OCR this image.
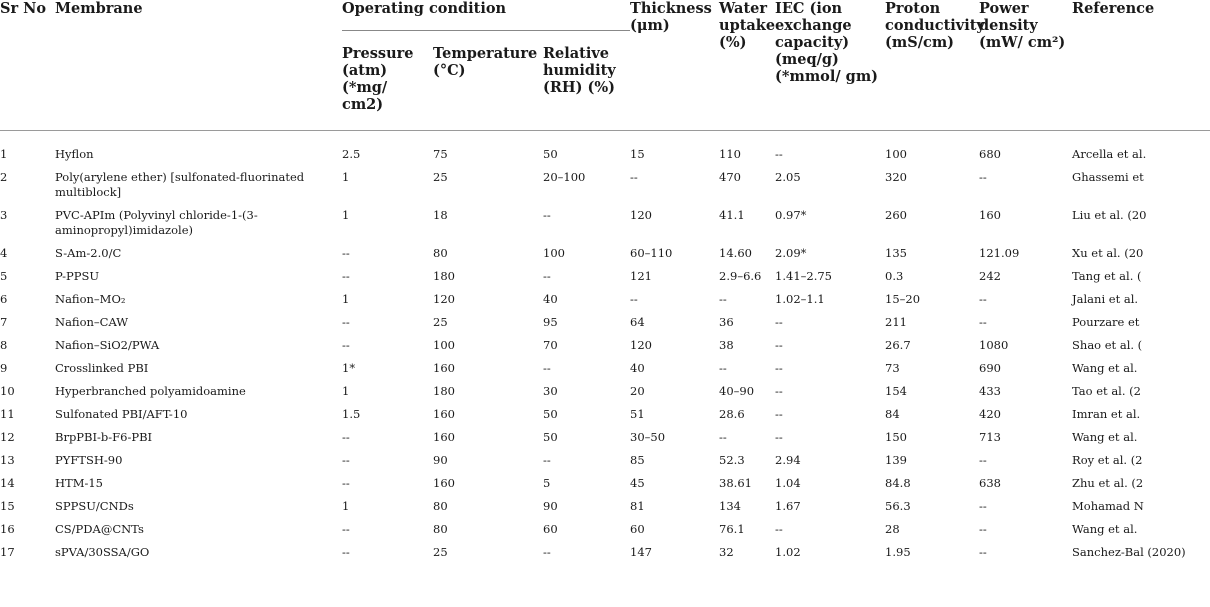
Sr No	Membrane	Operating condition			Thickness (μm)	Water uptake (%)	IEC (ion exchange capacity) (meq/g) (*mmol/ gm)	Proton conductivity (mS/cm)	Power density (mW/ cm²)	Reference
		Pressure (atm) (*mg/ cm2)	Temperature (°C)	Relative humidity (RH) (%)						
1	Hyflon	2.5	75	50	15	110	--	100	680	Arcella et al.
2	Poly(arylene ether) [sulfonated-fluorinated multiblock]	1	25	20–100	--	470	2.05	320	--	Ghassemi et
3	PVC-APIm (Polyvinyl chloride-1-(3-aminopropyl)imidazole)	1	18	--	120	41.1	0.97*	260	160	Liu et al. (20
4	S-Am-2.0/C	--	80	100	60–110	14.60	2.09*	135	121.09	Xu et al. (20
5	P-PPSU	--	180	--	121	2.9–6.6	1.41–2.75	0.3	242	Tang et al. (
6	Nafion–MO₂	1	120	40	--	--	1.02–1.1	15–20	--	Jalani et al.
7	Nafion–CAW	--	25	95	64	36	--	211	--	Pourzare et
8	Nafion–SiO2/PWA	--	100	70	120	38	--	26.7	1080	Shao et al. (
9	Crosslinked PBI	1*	160	--	40	--	--	73	690	Wang et al.
10	Hyperbranched polyamidoamine	1	180	30	20	40–90	--	154	433	Tao et al. (2
11	Sulfonated PBI/AFT-10	1.5	160	50	51	28.6	--	84	420	Imran et al.
12	BrpPBI-b-F6-PBI	--	160	50	30–50	--	--	150	713	Wang et al.
13	PYFTSH-90	--	90	--	85	52.3	2.94	139	--	Roy et al. (2
14	HTM-15	--	160	5	45	38.61	1.04	84.8	638	Zhu et al. (2
15	SPPSU/CNDs	1	80	90	81	134	1.67	56.3	--	Mohamad N
16	CS/PDA@CNTs	--	80	60	60	76.1	--	28	--	Wang et al.
17	sPVA/30SSA/GO	--	25	--	147	32	1.02	1.95	--	Sanchez-Bal (2020)
